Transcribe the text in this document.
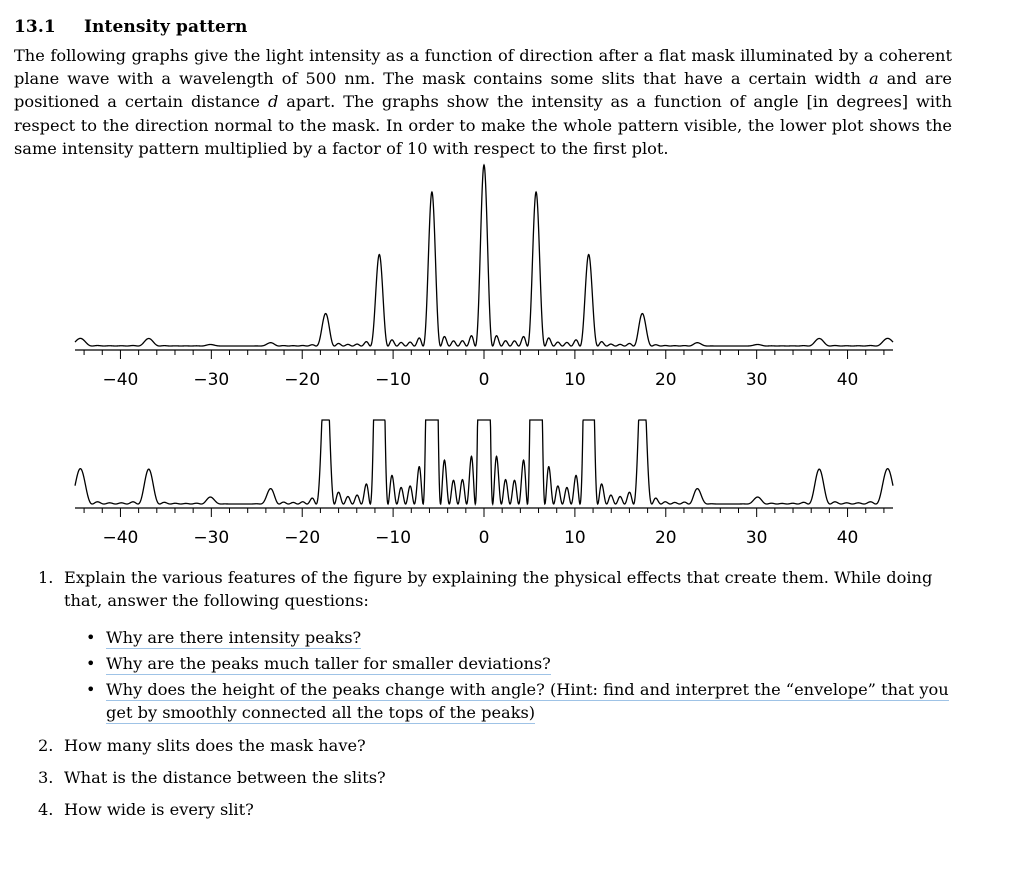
13.1 Intensity pattern
The following graphs give the light intensity as a function of direction after a flat mask illuminated by a coherent plane wave with a wavelength of 500 nm. The mask contains some slits that have a certain width a and are positioned a certain distance d apart. The graphs show the intensity as a function of angle [in degrees] with respect to the direction normal to the mask. In order to make the whole pattern visible, the lower plot shows the same intensity pattern multiplied by a factor of 10 with respect to the first plot.
−40	−30	−20	−10	0	10	20	30	40
−40	−30	−20	−10	0	10	20	30	40
1. Explain the various features of the figure by explaining the physical effects that create them. While doing that, answer the following questions:
• Why are there intensity peaks?
• Why are the peaks much taller for smaller deviations?
• Why does the height of the peaks change with angle? (Hint: find and interpret the “envelope” that you get by smoothly connected all the tops of the peaks)
2. How many slits does the mask have?
3. What is the distance between the slits?
4. How wide is every slit?
